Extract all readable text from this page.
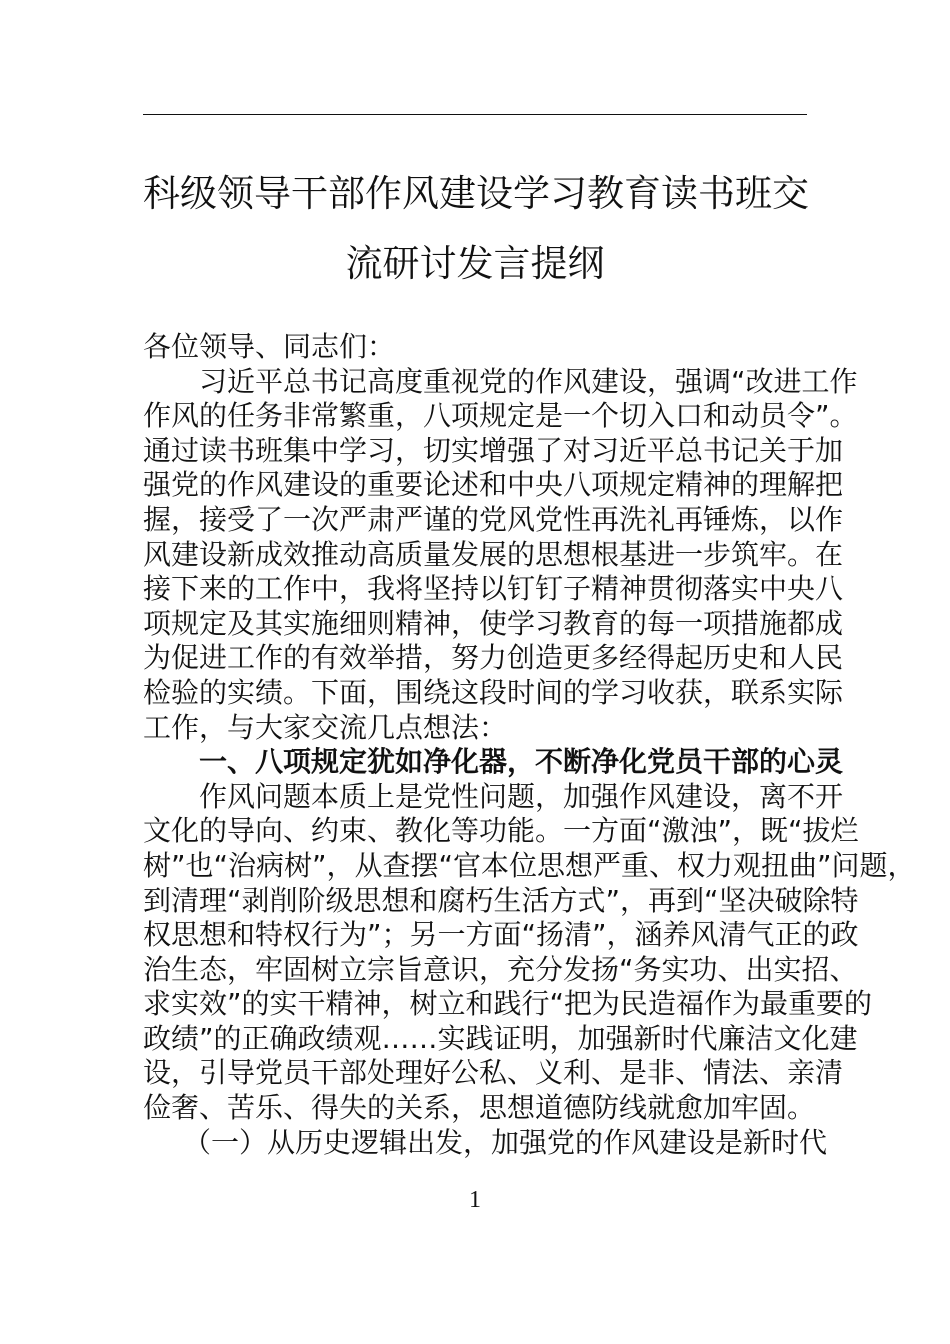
科级领导干部作风建设学习教育读书班交
流研讨发言提纲
各位领导、同志们：
习近平总书记高度重视党的作风建设，强调“改进工作
作风的任务非常繁重，八项规定是一个切入口和动员令”。
通过读书班集中学习，切实增强了对习近平总书记关于加
强党的作风建设的重要论述和中央八项规定精神的理解把
握，接受了一次严肃严谨的党风党性再洗礼再锤炼，以作
风建设新成效推动高质量发展的思想根基进一步筑牢。在
接下来的工作中，我将坚持以钉钉子精神贯彻落实中央八
项规定及其实施细则精神，使学习教育的每一项措施都成
为促进工作的有效举措，努力创造更多经得起历史和人民
检验的实绩。下面，围绕这段时间的学习收获，联系实际
工作，与大家交流几点想法：
一、八项规定犹如净化器，不断净化党员干部的心灵
作风问题本质上是党性问题，加强作风建设，离不开
文化的导向、约束、教化等功能。一方面“激浊”，既“拔烂
树”也“治病树”，从查摆“官本位思想严重、权力观扭曲”问题，
到清理“剥削阶级思想和腐朽生活方式”，再到“坚决破除特
权思想和特权行为”；另一方面“扬清”，涵养风清气正的政
治生态，牢固树立宗旨意识，充分发扬“务实功、出实招、
求实效”的实干精神，树立和践行“把为民造福作为最重要的
政绩”的正确政绩观……实践证明，加强新时代廉洁文化建
设，引导党员干部处理好公私、义利、是非、情法、亲清
俭奢、苦乐、得失的关系，思想道德防线就愈加牢固。
（一）从历史逻辑出发，加强党的作风建设是新时代
1
